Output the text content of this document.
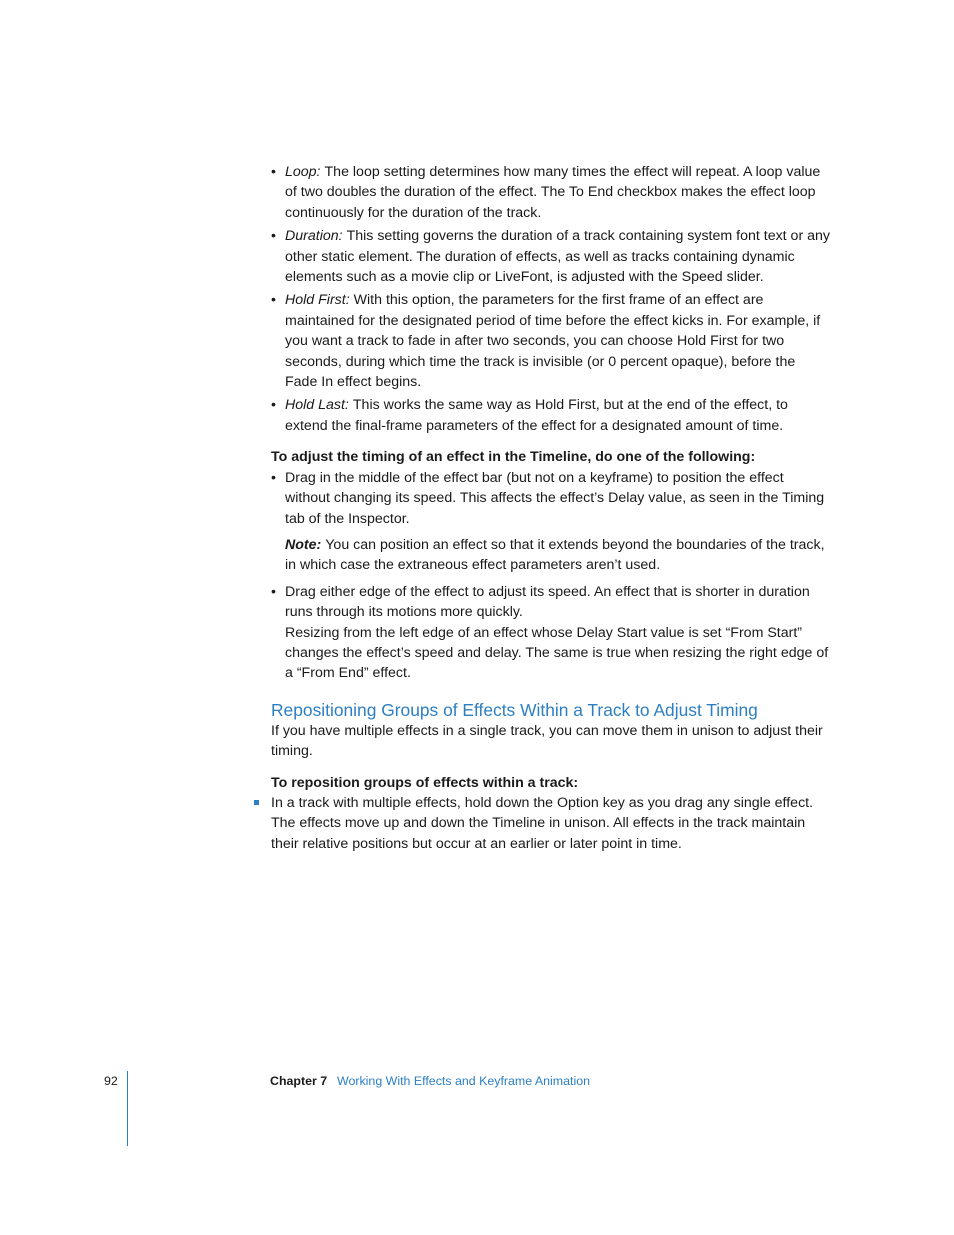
• Loop: The loop setting determines how many times the effect will repeat. A loop value of two doubles the duration of the effect. The To End checkbox makes the effect loop continuously for the duration of the track.
• Duration: This setting governs the duration of a track containing system font text or any other static element. The duration of effects, as well as tracks containing dynamic elements such as a movie clip or LiveFont, is adjusted with the Speed slider.
• Hold First: With this option, the parameters for the first frame of an effect are maintained for the designated period of time before the effect kicks in. For example, if you want a track to fade in after two seconds, you can choose Hold First for two seconds, during which time the track is invisible (or 0 percent opaque), before the Fade In effect begins.
• Hold Last: This works the same way as Hold First, but at the end of the effect, to extend the final-frame parameters of the effect for a designated amount of time.

To adjust the timing of an effect in the Timeline, do one of the following:

• Drag in the middle of the effect bar (but not on a keyframe) to position the effect without changing its speed. This affects the effect’s Delay value, as seen in the Timing tab of the Inspector.

Note: You can position an effect so that it extends beyond the boundaries of the track, in which case the extraneous effect parameters aren’t used.

• Drag either edge of the effect to adjust its speed. An effect that is shorter in duration runs through its motions more quickly.

Resizing from the left edge of an effect whose Delay Start value is set “From Start” changes the effect’s speed and delay. The same is true when resizing the right edge of a “From End” effect.

Repositioning Groups of Effects Within a Track to Adjust Timing

If you have multiple effects in a single track, you can move them in unison to adjust their timing.

To reposition groups of effects within a track:

In a track with multiple effects, hold down the Option key as you drag any single effect.

The effects move up and down the Timeline in unison. All effects in the track maintain their relative positions but occur at an earlier or later point in time.

92	Chapter 7 Working With Effects and Keyframe Animation
